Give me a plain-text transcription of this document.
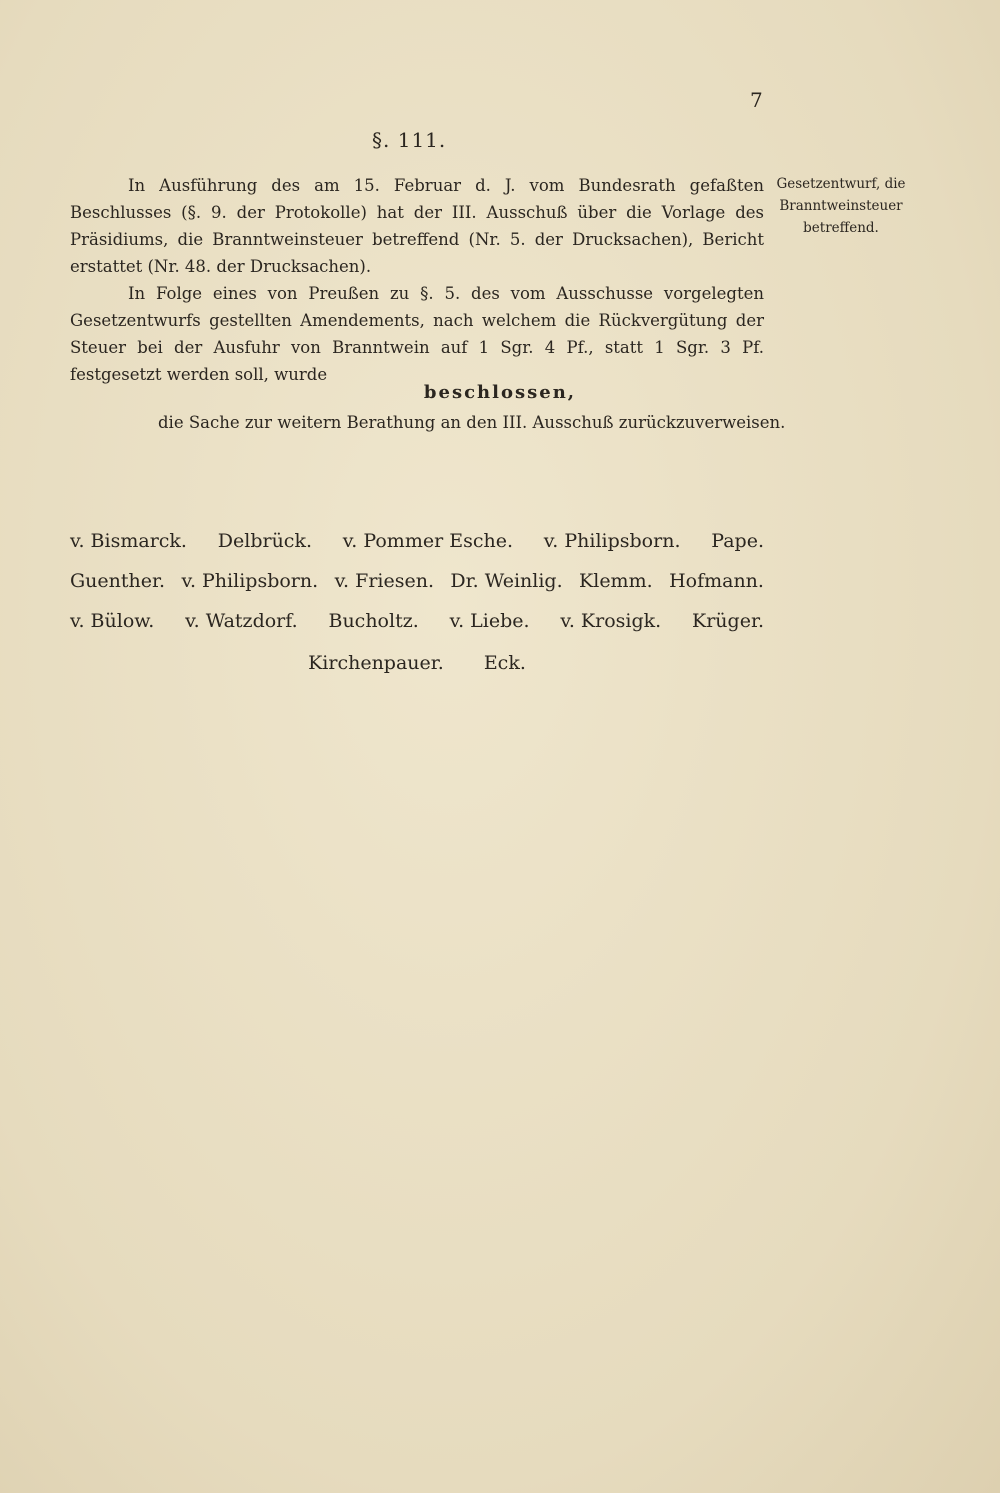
7
§. 111.
In Ausführung des am 15. Februar d. J. vom Bundesrath gefaßten Beschlusses (§. 9. der Protokolle) hat der III. Ausschuß über die Vorlage des Präsidiums, die Branntweinsteuer betreffend (Nr. 5. der Drucksachen), Bericht erstattet (Nr. 48. der Drucksachen).
Gesetzentwurf, die Branntweinsteuer betreffend.
In Folge eines von Preußen zu §. 5. des vom Ausschusse vorgelegten Gesetzentwurfs gestellten Amendements, nach welchem die Rückvergütung der Steuer bei der Ausfuhr von Branntwein auf 1 Sgr. 4 Pf., statt 1 Sgr. 3 Pf. festgesetzt werden soll, wurde
beschlossen,
die Sache zur weitern Berathung an den III. Ausschuß zurückzuverweisen.
v. Bismarck. Delbrück. v. Pommer Esche. v. Philipsborn. Pape.
Guenther. v. Philipsborn. v. Friesen. Dr. Weinlig. Klemm. Hofmann.
v. Bülow. v. Watzdorf. Bucholtz. v. Liebe. v. Krosigk. Krüger.
Kirchenpauer. Eck.
